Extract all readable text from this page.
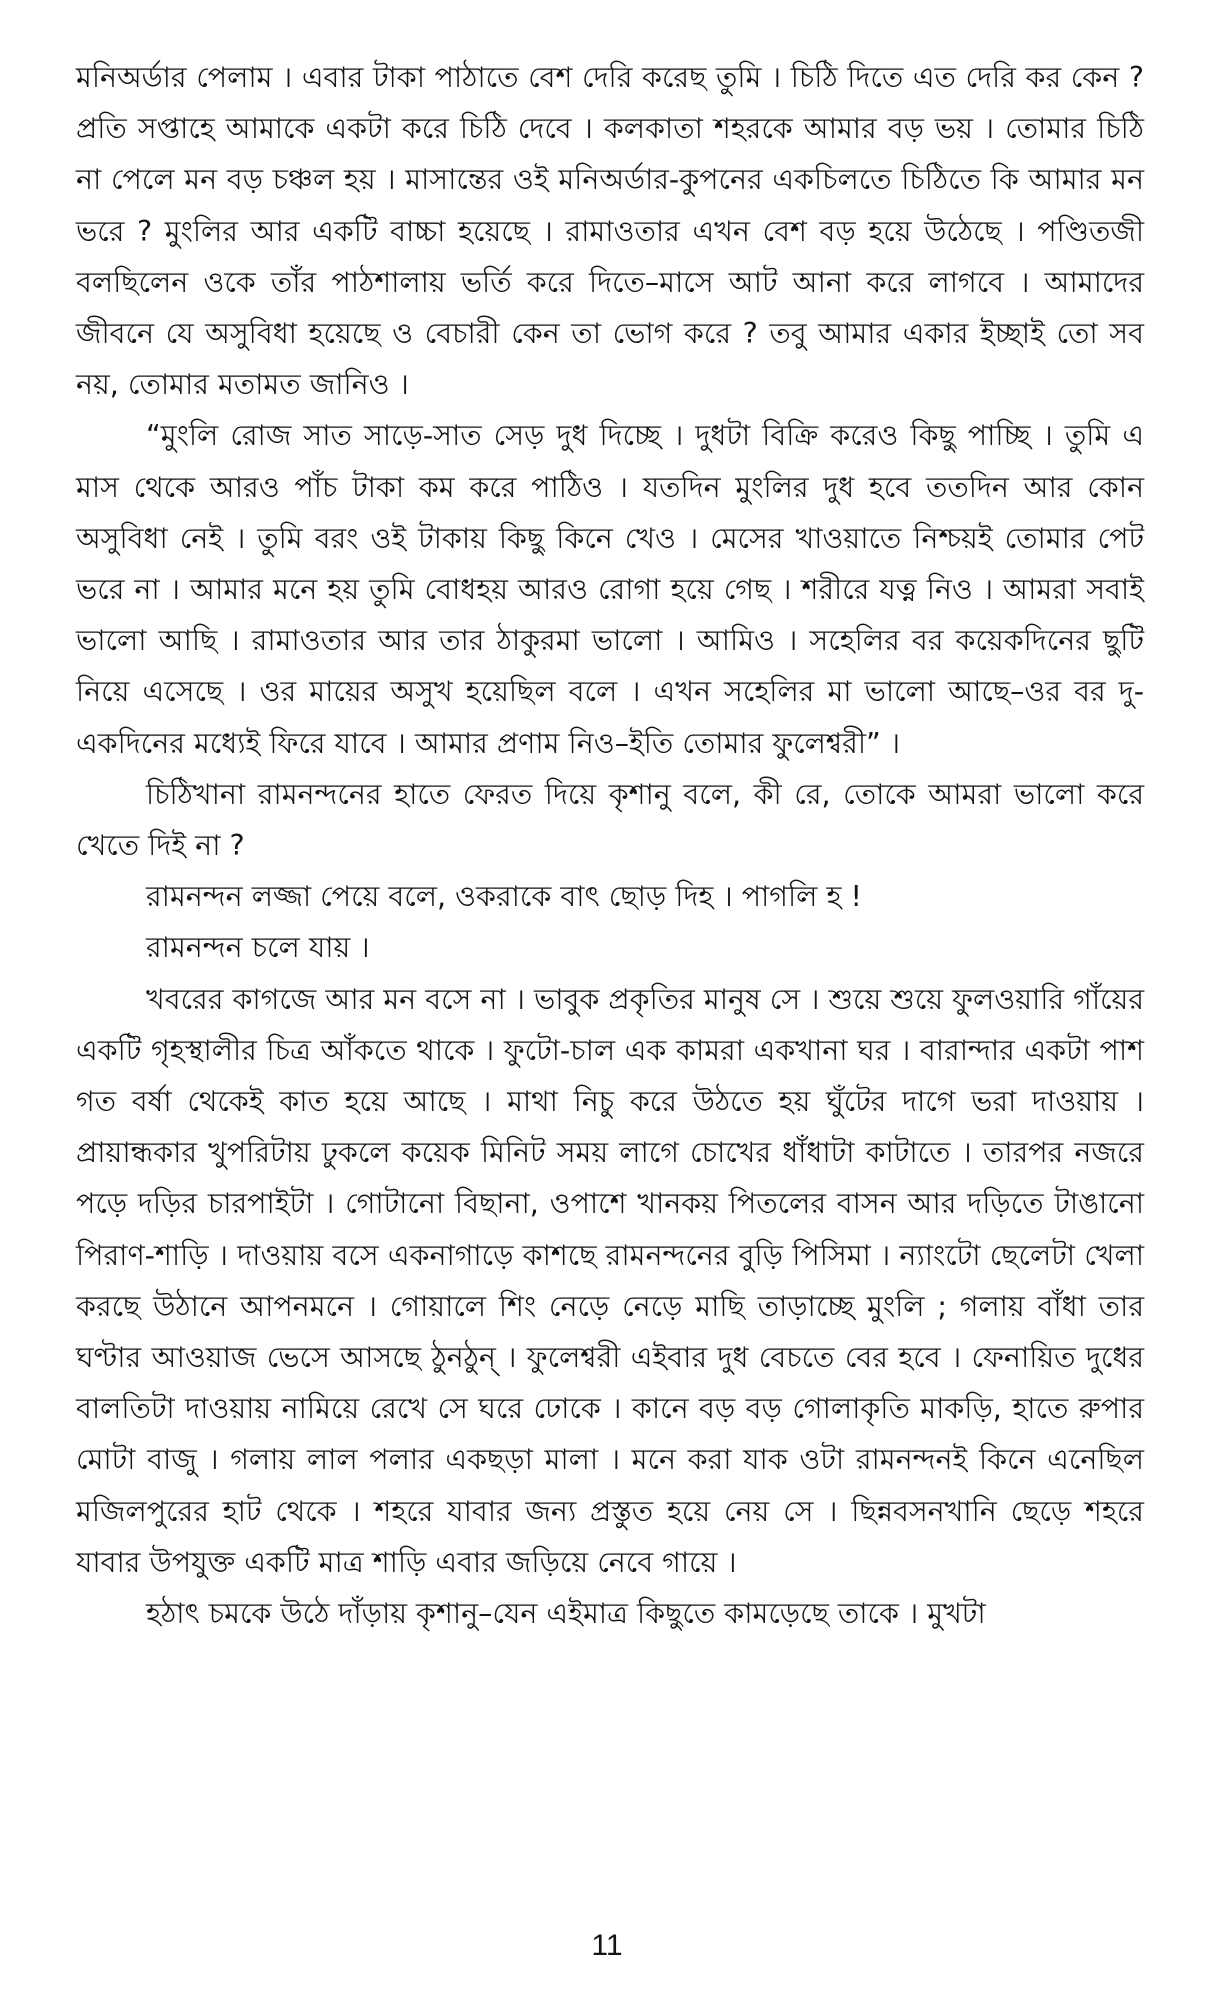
মনিঅর্ডার পেলাম । এবার টাকা পাঠাতে বেশ দেরি করেছ তুমি । চিঠি দিতে এত দেরি কর কেন ? প্রতি সপ্তাহে আমাকে একটা করে চিঠি দেবে । কলকাতা শহরকে আমার বড় ভয় । তোমার চিঠি না পেলে মন বড় চঞ্চল হয় । মাসান্তের ওই মনিঅর্ডার-কুপনের একচিলতে চিঠিতে কি আমার মন ভরে ? মুংলির আর একটি বাচ্চা হয়েছে । রামাওতার এখন বেশ বড় হয়ে উঠেছে । পণ্ডিতজী বলছিলেন ওকে তাঁর পাঠশালায় ভর্তি করে দিতে–মাসে আট আনা করে লাগবে । আমাদের জীবনে যে অসুবিধা হয়েছে ও বেচারী কেন তা ভোগ করে ? তবু আমার একার ইচ্ছাই তো সব নয়, তোমার মতামত জানিও ।

“মুংলি রোজ সাত সাড়ে-সাত সেড় দুধ দিচ্ছে । দুধটা বিক্রি করেও কিছু পাচ্ছি । তুমি এ মাস থেকে আরও পাঁচ টাকা কম করে পাঠিও । যতদিন মুংলির দুধ হবে ততদিন আর কোন অসুবিধা নেই । তুমি বরং ওই টাকায় কিছু কিনে খেও । মেসের খাওয়াতে নিশ্চয়ই তোমার পেট ভরে না । আমার মনে হয় তুমি বোধহয় আরও রোগা হয়ে গেছ । শরীরে যত্ন নিও । আমরা সবাই ভালো আছি । রামাওতার আর তার ঠাকুরমা ভালো । আমিও । সহেলির বর কয়েকদিনের ছুটি নিয়ে এসেছে । ওর মায়ের অসুখ হয়েছিল বলে । এখন সহেলির মা ভালো আছে–ওর বর দু-একদিনের মধ্যেই ফিরে যাবে । আমার প্রণাম নিও–ইতি তোমার ফুলেশ্বরী” ।

চিঠিখানা রামনন্দনের হাতে ফেরত দিয়ে কৃশানু বলে, কী রে, তোকে আমরা ভালো করে খেতে দিই না ?

রামনন্দন লজ্জা পেয়ে বলে, ওকরাকে বাৎ ছোড় দিহ । পাগলি হ !

রামনন্দন চলে যায় ।

খবরের কাগজে আর মন বসে না । ভাবুক প্রকৃতির মানুষ সে । শুয়ে শুয়ে ফুলওয়ারি গাঁয়ের একটি গৃহস্থালীর চিত্র আঁকতে থাকে । ফুটো-চাল এক কামরা একখানা ঘর । বারান্দার একটা পাশ গত বর্ষা থেকেই কাত হয়ে আছে । মাথা নিচু করে উঠতে হয় ঘুঁটের দাগে ভরা দাওয়ায় । প্রায়ান্ধকার খুপরিটায় ঢুকলে কয়েক মিনিট সময় লাগে চোখের ধাঁধাটা কাটাতে । তারপর নজরে পড়ে দড়ির চারপাইটা । গোটানো বিছানা, ওপাশে খানকয় পিতলের বাসন আর দড়িতে টাঙানো পিরাণ-শাড়ি । দাওয়ায় বসে একনাগাড়ে কাশছে রামনন্দনের বুড়ি পিসিমা । ন্যাংটো ছেলেটা খেলা করছে উঠানে আপনমনে । গোয়ালে শিং নেড়ে নেড়ে মাছি তাড়াচ্ছে মুংলি ; গলায় বাঁধা তার ঘণ্টার আওয়াজ ভেসে আসছে ঠুনঠুন্ । ফুলেশ্বরী এইবার দুধ বেচতে বের হবে । ফেনায়িত দুধের বালতিটা দাওয়ায় নামিয়ে রেখে সে ঘরে ঢোকে । কানে বড় বড় গোলাকৃতি মাকড়ি, হাতে রুপার মোটা বাজু । গলায় লাল পলার একছড়া মালা । মনে করা যাক ওটা রামনন্দনই কিনে এনেছিল মজিলপুরের হাট থেকে । শহরে যাবার জন্য প্রস্তুত হয়ে নেয় সে । ছিন্নবসনখানি ছেড়ে শহরে যাবার উপযুক্ত একটি মাত্র শাড়ি এবার জড়িয়ে নেবে গায়ে ।

হঠাৎ চমকে উঠে দাঁড়ায় কৃশানু–যেন এইমাত্র কিছুতে কামড়েছে তাকে । মুখটা

11
